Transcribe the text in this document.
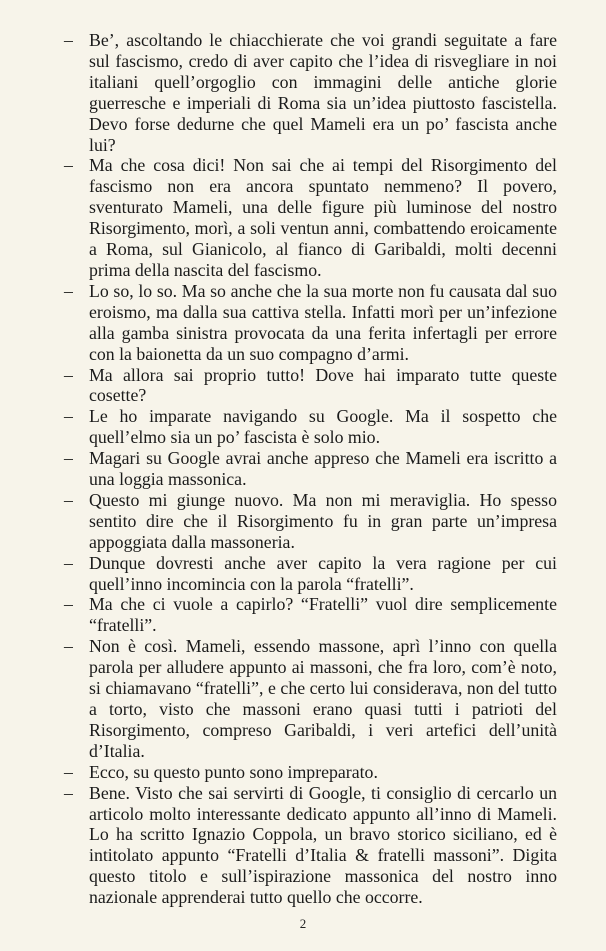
– Be’, ascoltando le chiacchierate che voi grandi seguitate a fare sul fascismo, credo di aver capito che l’idea di risvegliare in noi italiani quell’orgoglio con immagini delle antiche glorie guerresche e imperiali di Roma sia un’idea piuttosto fascistella. Devo forse dedurne che quel Mameli era un po’ fascista anche lui?
– Ma che cosa dici! Non sai che ai tempi del Risorgimento del fascismo non era ancora spuntato nemmeno? Il povero, sventurato Mameli, una delle figure più luminose del nostro Risorgimento, morì, a soli ventun anni, combattendo eroicamente a Roma, sul Gianicolo, al fianco di Garibaldi, molti decenni prima della nascita del fascismo.
– Lo so, lo so. Ma so anche che la sua morte non fu causata dal suo eroismo, ma dalla sua cattiva stella. Infatti morì per un’infezione alla gamba sinistra provocata da una ferita infertagli per errore con la baionetta da un suo compagno d’armi.
– Ma allora sai proprio tutto! Dove hai imparato tutte queste cosette?
– Le ho imparate navigando su Google. Ma il sospetto che quell’elmo sia un po’ fascista è solo mio.
– Magari su Google avrai anche appreso che Mameli era iscritto a una loggia massonica.
– Questo mi giunge nuovo. Ma non mi meraviglia. Ho spesso sentito dire che il Risorgimento fu in gran parte un’impresa appoggiata dalla massoneria.
– Dunque dovresti anche aver capito la vera ragione per cui quell’inno incomincia con la parola “fratelli”.
– Ma che ci vuole a capirlo? “Fratelli” vuol dire semplicemente “fratelli”.
– Non è così. Mameli, essendo massone, aprì l’inno con quella parola per alludere appunto ai massoni, che fra loro, com’è noto, si chiamavano “fratelli”, e che certo lui considerava, non del tutto a torto, visto che massoni erano quasi tutti i patrioti del Risorgimento, compreso Garibaldi, i veri artefici dell’unità d’Italia.
– Ecco, su questo punto sono impreparato.
– Bene. Visto che sai servirti di Google, ti consiglio di cercarlo un articolo molto interessante dedicato appunto all’inno di Mameli. Lo ha scritto Ignazio Coppola, un bravo storico siciliano, ed è intitolato appunto “Fratelli d’Italia & fratelli massoni”. Digita questo titolo e sull’ispirazione massonica del nostro inno nazionale apprenderai tutto quello che occorre.
2
